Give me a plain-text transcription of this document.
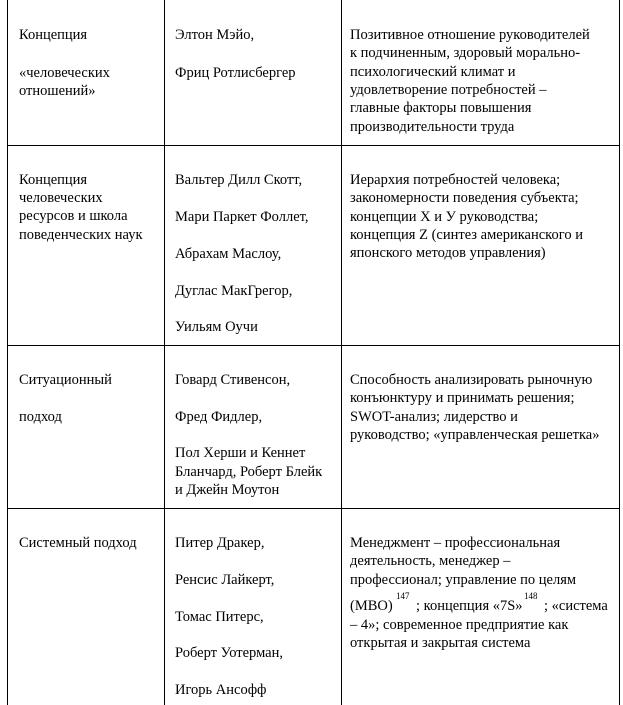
Концепция

«человеческих

отношений»

Элтон Мэйо,

Фриц Ротлисбергер

Позитивное отношение руководителей

к подчиненным, здоровый морально-

психологический климат и

удовлетворение потребностей –

главные факторы повышения

производительности труда

Концепция

человеческих

ресурсов и школа

поведенческих наук

Вальтер Дилл Скотт,

Мари Паркет Фоллет,

Абрахам Маслоу,

Дуглас МакГрегор,

Уильям Оучи

Иерархия потребностей человека;

закономерности поведения субъекта;

концепции X и У руководства;

концепция Z (синтез американского и

японского методов управления)

Ситуационный

подход

Говард Стивенсон,

Фред Фидлер,

Пол Херши и Кеннет

Бланчард, Роберт Блейк

и Джейн Моутон

Способность анализировать рыночную

конъюнктуру и принимать решения;

SWOT-анализ; лидерство и

руководство; «управленческая решетка»

Системный подход	Питер Дракер,

Ренсис Лайкерт,

Томас Питерс,

Роберт Уотерман,

Игорь Ансофф

Менеджмент – профессиональная

деятельность, менеджер –

профессионал; управление по целям

(MBO)

147

; концепция «7S»

148

; «система

– 4»; современное предприятие как

открытая и закрытая система
